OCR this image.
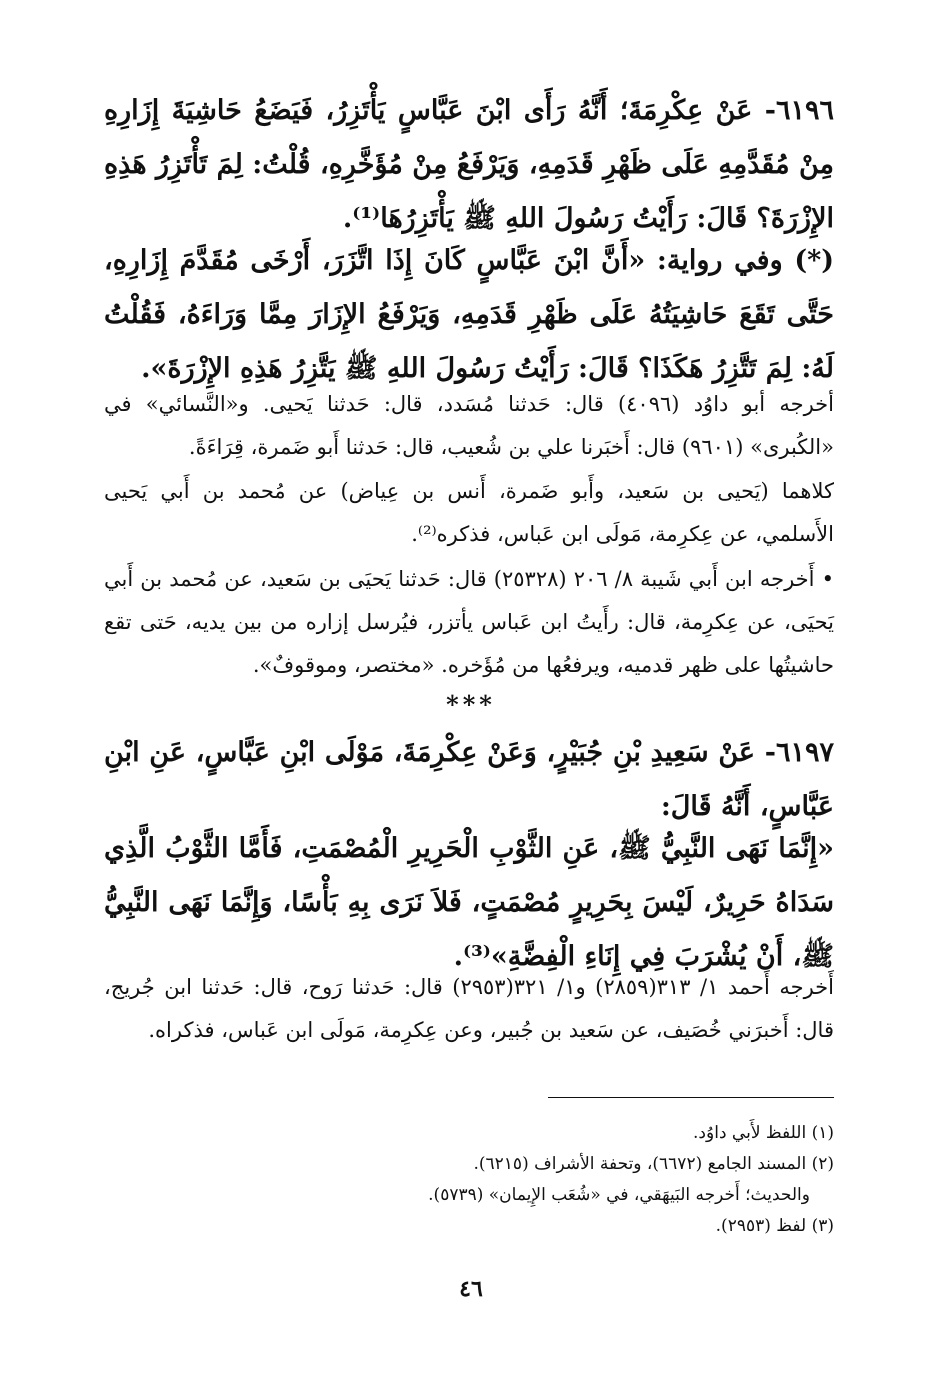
٦١٩٦- عَنْ عِكْرِمَةَ؛ أَنَّهُ رَأَى ابْنَ عَبَّاسٍ يَأْتَزِرُ، فَيَضَعُ حَاشِيَةَ إِزَارِهِ مِنْ مُقَدَّمِهِ عَلَى ظَهْرِ قَدَمِهِ، وَيَرْفَعُ مِنْ مُؤَخَّرِهِ، قُلْتُ: لِمَ تَأْتَزِرُ هَذِهِ الإِزْرَةَ؟ قَالَ: رَأَيْتُ رَسُولَ اللهِ ﷺ يَأْتَزِرُهَا⁽¹⁾.

(*) وفي رواية: «أَنَّ ابْنَ عَبَّاسٍ كَانَ إِذَا اتَّزَرَ، أَرْخَى مُقَدَّمَ إِزَارِهِ، حَتَّى تَقَعَ حَاشِيَتُهُ عَلَى ظَهْرِ قَدَمِهِ، وَيَرْفَعُ الإِزَارَ مِمَّا وَرَاءَهُ، فَقُلْتُ لَهُ: لِمَ تَتَّزِرُ هَكَذَا؟ قَالَ: رَأَيْتُ رَسُولَ اللهِ ﷺ يَتَّزِرُ هَذِهِ الإِزْرَةَ».

أخرجه أبو داوُد (٤٠٩٦) قال: حَدثنا مُسَدد، قال: حَدثنا يَحيى. و«النَّسائي» في «الكُبرى» (٩٦٠١) قال: أَخبَرنا علي بن شُعيب، قال: حَدثنا أَبو ضَمرة، قِرَاءَةً.

كلاهما (يَحيى بن سَعيد، وأَبو ضَمرة، أَنس بن عِياض) عن مُحمد بن أَبي يَحيى الأَسلمي، عن عِكرِمة، مَولَى ابن عَباس، فذكره⁽²⁾.

• أَخرجه ابن أَبي شَيبة ٨/ ٢٠٦ (٢٥٣٢٨) قال: حَدثنا يَحيَى بن سَعيد، عن مُحمد بن أَبي يَحيَى، عن عِكرِمة، قال: رأَيتُ ابن عَباس يأتزر، فيُرسل إزاره من بين يديه، حَتى تقع حاشيتُها على ظهر قدميه، ويرفعُها من مُؤَخره. «مختصر، وموقوفٌ».

***

٦١٩٧- عَنْ سَعِيدِ بْنِ جُبَيْرٍ، وَعَنْ عِكْرِمَةَ، مَوْلَى ابْنِ عَبَّاسٍ، عَنِ ابْنِ عَبَّاسٍ، أَنَّهُ قَالَ:

«إِنَّمَا نَهَى النَّبِيُّ ﷺ، عَنِ الثَّوْبِ الْحَرِيرِ الْمُصْمَتِ، فَأَمَّا الثَّوْبُ الَّذِي سَدَاهُ حَرِيرٌ، لَيْسَ بِحَرِيرٍ مُصْمَتٍ، فَلاَ نَرَى بِهِ بَأْسًا، وَإِنَّمَا نَهَى النَّبِيُّ ﷺ، أَنْ يُشْرَبَ فِي إِنَاءِ الْفِضَّةِ»⁽³⁾.

أَخرجه أَحمد ١/ ٣١٣(٢٨٥٩) و١/ ٣٢١(٢٩٥٣) قال: حَدثنا رَوح، قال: حَدثنا ابن جُريج، قال: أَخبرَني خُصَيف، عن سَعيد بن جُبير، وعن عِكرِمة، مَولَى ابن عَباس، فذكراه.

(١) اللفظ لأَبي داوُد.
(٢) المسند الجامع (٦٦٧٢)، وتحفة الأشراف (٦٢١٥).
والحديث؛ أَخرجه البَيهَقي، في «شُعَب الإِيمان» (٥٧٣٩).
(٣) لفظ (٢٩٥٣).
٤٦
